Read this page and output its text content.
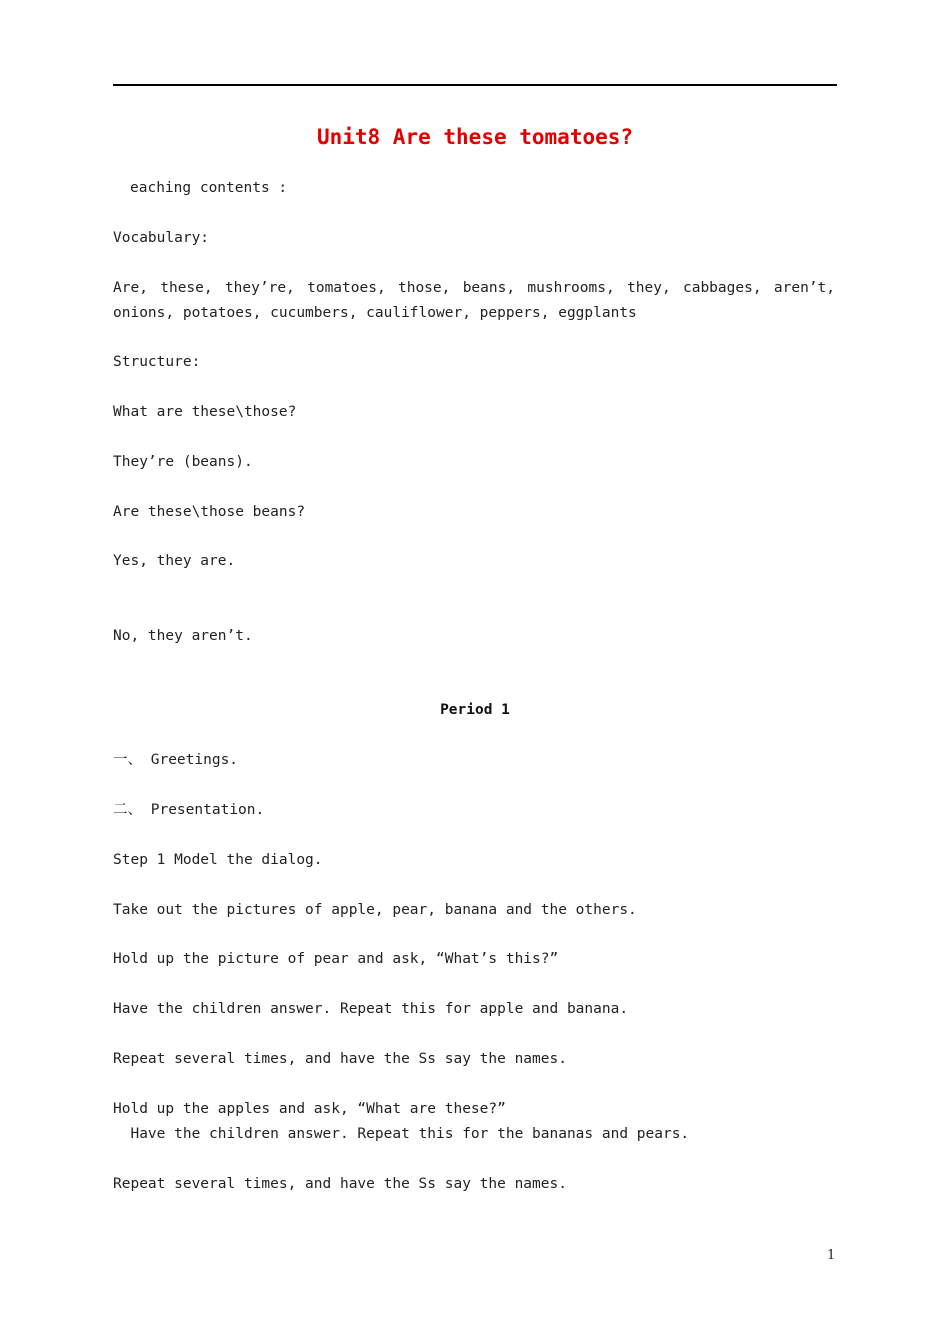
Unit8 Are these tomatoes?
eaching contents :
Vocabulary:
Are, these, they’re, tomatoes, those, beans, mushrooms, they, cabbages, aren’t,
onions, potatoes, cucumbers, cauliflower, peppers, eggplants
Structure:
What are these\those?
They’re (beans).
Are these\those beans?
Yes, they are.
No, they aren’t.
Period 1
一、 Greetings.
二、 Presentation.
Step 1 Model the dialog.
Take out the pictures of apple, pear, banana and the others.
Hold up the picture of pear and ask, “What’s this?”
Have the children answer. Repeat this for apple and banana.
Repeat several times, and have the Ss say the names.
Hold up the apples and ask, “What are these?”
Have the children answer. Repeat this for the bananas and pears.
Repeat several times, and have the Ss say the names.
1
